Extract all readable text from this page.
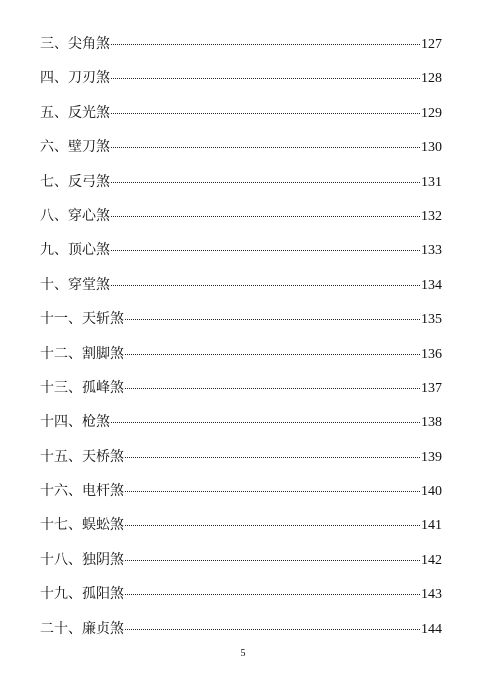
三、尖角煞	127
四、刀刃煞	128
五、反光煞	129
六、壁刀煞	130
七、反弓煞	131
八、穿心煞	132
九、顶心煞	133
十、穿堂煞	134
十一、天斩煞	135
十二、割脚煞	136
十三、孤峰煞	137
十四、枪煞	138
十五、天桥煞	139
十六、电杆煞	140
十七、蜈蚣煞	141
十八、独阴煞	142
十九、孤阳煞	143
二十、廉贞煞	144
5
